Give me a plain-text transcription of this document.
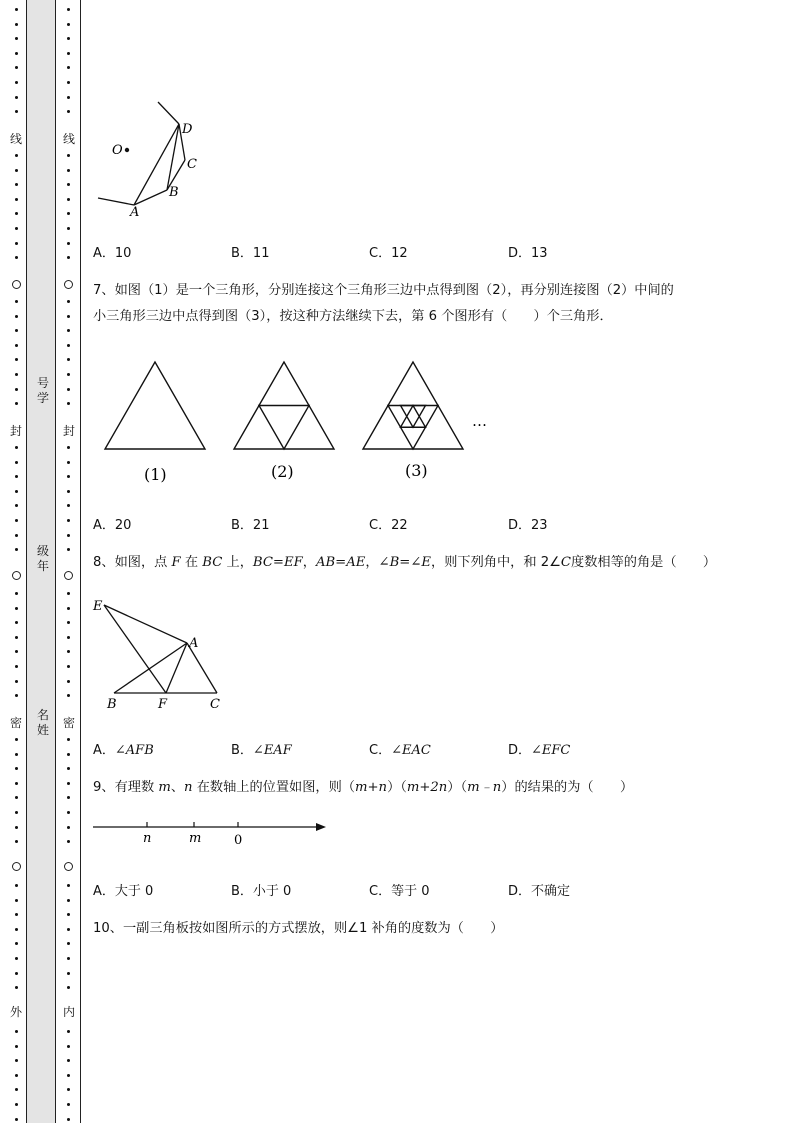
线
封
密
外
线
封
密
内
号学
级年
名姓
O
D
C
B
A
A．10	B．11	C．12	D．13
7、如图（1）是一个三角形，分别连接这个三角形三边中点得到图（2），再分别连接图（2）中间的
小三角形三边中点得到图（3），按这种方法继续下去，第 6 个图形有（　　）个三角形．
(1)	(2)	(3)
…
A．20	B．21	C．22	D．23
8、如图，点 F 在 BC 上，BC=EF，AB=AE，∠B=∠E，则下列角中，和 2∠C度数相等的角是（　　）
E
A
B	F	C
A．∠AFB	B．∠EAF	C．∠EAC	D．∠EFC
9、有理数 m、n 在数轴上的位置如图，则（m+n）（m+2n）（m﹣n）的结果的为（　　）
n	m	0
A．大于 0	B．小于 0	C．等于 0	D．不确定
10、一副三角板按如图所示的方式摆放，则∠1 补角的度数为（　　）
